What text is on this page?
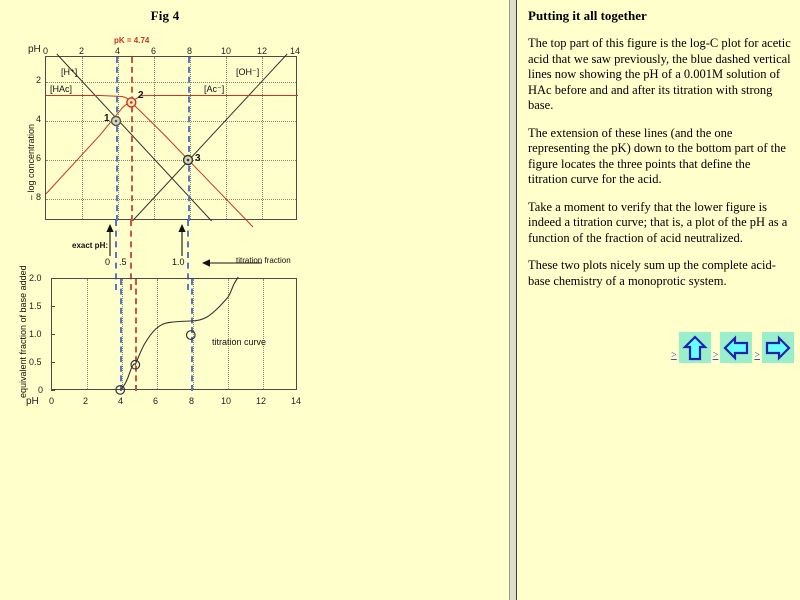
Fig 4
– log concentration
pH
pK = 4.74
[H⁺]	[OH⁻]
[HAc]	[Ac⁻]
1
2
3
0	2	4	6	8	10	12	14
2
4
6
8
exact pH:
0 .5	1.0	titration fraction
equivalent fraction of base added	titration curve
2.0
1.5
1.0
0.5
0
pH 0	2	4	6	8	10	12	14
Putting it all together

The top part of this figure is the log-C plot for acetic acid that we saw previously, the blue dashed vertical lines now showing the pH of a 0.001M solution of HAc before and and after its titration with strong base.

The extension of these lines (and the one representing the pK) down to the bottom part of the figure locates the three points that define the titration curve for the acid.

Take a moment to verify that the lower figure is indeed a titration curve; that is, a plot of the pH as a function of the fraction of acid neutralized.

These two plots nicely sum up the complete acid-base chemistry of a monoprotic system.

>	>	>
